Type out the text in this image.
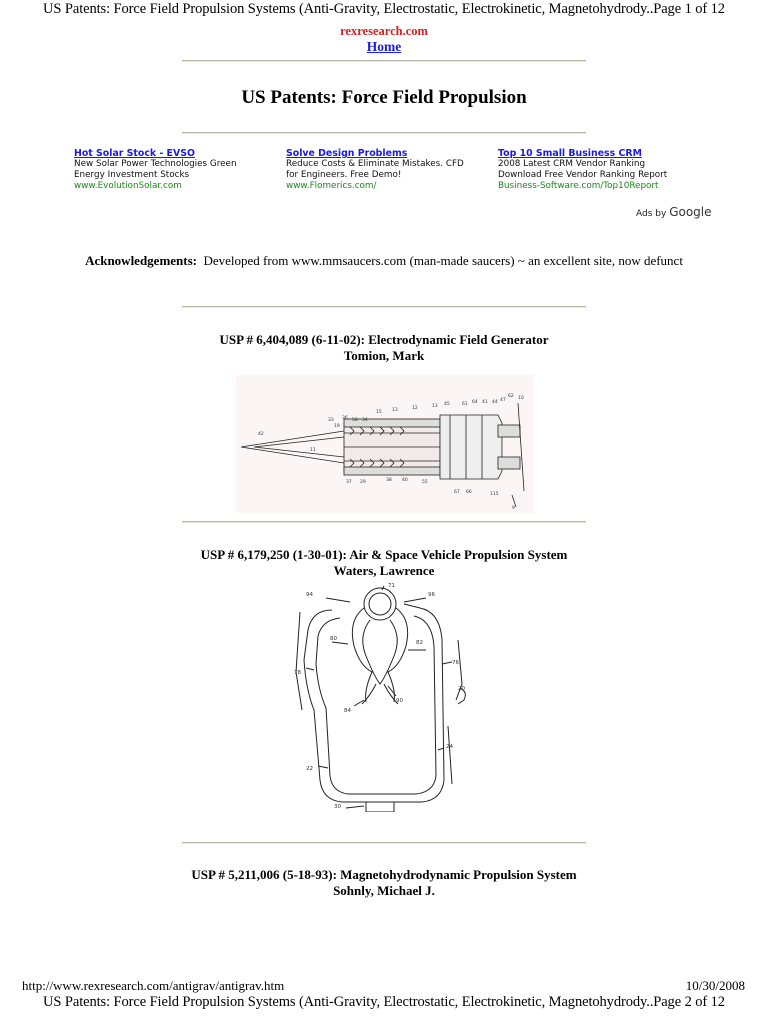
US Patents: Force Field Propulsion Systems (Anti-Gravity, Electrostatic, Electrokinetic, Magnetohydrody..Page 1 of 12
rexresearch.com
Home
US Patents: Force Field Propulsion
Hot Solar Stock - EVSO
New Solar Power Technologies Green Energy Investment Stocks
www.EvolutionSolar.com
Solve Design Problems
Reduce Costs & Eliminate Mistakes. CFD for Engineers. Free Demo!
www.Flomerics.com/
Top 10 Small Business CRM
2008 Latest CRM Vendor Ranking Download Free Vendor Ranking Report
Business-Software.com/Top10Report
Ads by Google
Acknowledgements: Developed from www.mmsaucers.com (man-made saucers) ~ an excellent site, now defunct
USP # 6,404,089 (6-11-02): Electrodynamic Field Generator
Tomion, Mark
42
11
19
33 36
15 13	12	13 45
34
58
61 64 41 44 47	10
62
67 66	115
37 29	38 40	55
9
USP # 6,179,250 (1-30-01): Air & Space Vehicle Propulsion System
Waters, Lawrence
94
71
96
80
82
78
76
20
84
90
22
24
30
USP # 5,211,006 (5-18-93): Magnetohydrodynamic Propulsion System
Sohnly, Michael J.
http://www.rexresearch.com/antigrav/antigrav.htm	10/30/2008
US Patents: Force Field Propulsion Systems (Anti-Gravity, Electrostatic, Electrokinetic, Magnetohydrody..Page 2 of 12
